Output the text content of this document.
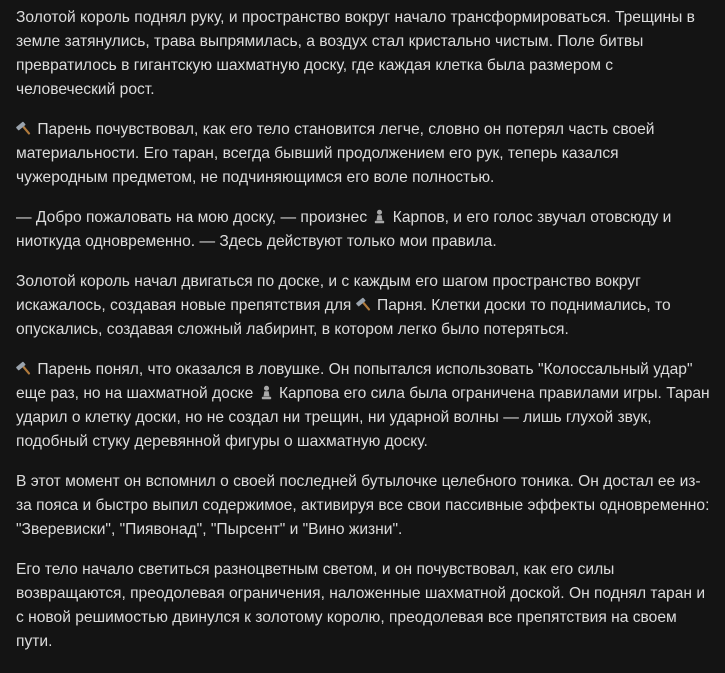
Золотой король поднял руку, и пространство вокруг начало трансформироваться. Трещины в земле затянулись, трава выпрямилась, а воздух стал кристально чистым. Поле битвы превратилось в гигантскую шахматную доску, где каждая клетка была размером с человеческий рост.

Парень почувствовал, как его тело становится легче, словно он потерял часть своей материальности. Его таран, всегда бывший продолжением его рук, теперь казался чужеродным предметом, не подчиняющимся его воле полностью.

— Добро пожаловать на мою доску, — произнес
Карпов, и его голос звучал отовсюду и ниоткуда одновременно. — Здесь действуют только мои правила.

Золотой король начал двигаться по доске, и с каждым его шагом пространство вокруг искажалось, создавая новые препятствия для
Парня. Клетки доски то поднимались, то опускались, создавая сложный лабиринт, в котором легко было потеряться.

Парень понял, что оказался в ловушке. Он попытался использовать "Колоссальный удар" еще раз, но на шахматной доске
Карпова его сила была ограничена правилами игры. Таран ударил о клетку доски, но не создал ни трещин, ни ударной волны — лишь глухой звук, подобный стуку деревянной фигуры о шахматную доску.

В этот момент он вспомнил о своей последней бутылочке целебного тоника. Он достал ее из-за пояса и быстро выпил содержимое, активируя все свои пассивные эффекты одновременно: "Зверевиски", "Пиявонад", "Пырсент" и "Вино жизни".

Его тело начало светиться разноцветным светом, и он почувствовал, как его силы возвращаются, преодолевая ограничения, наложенные шахматной доской. Он поднял таран и с новой решимостью двинулся к золотому королю, преодолевая все препятствия на своем пути.
